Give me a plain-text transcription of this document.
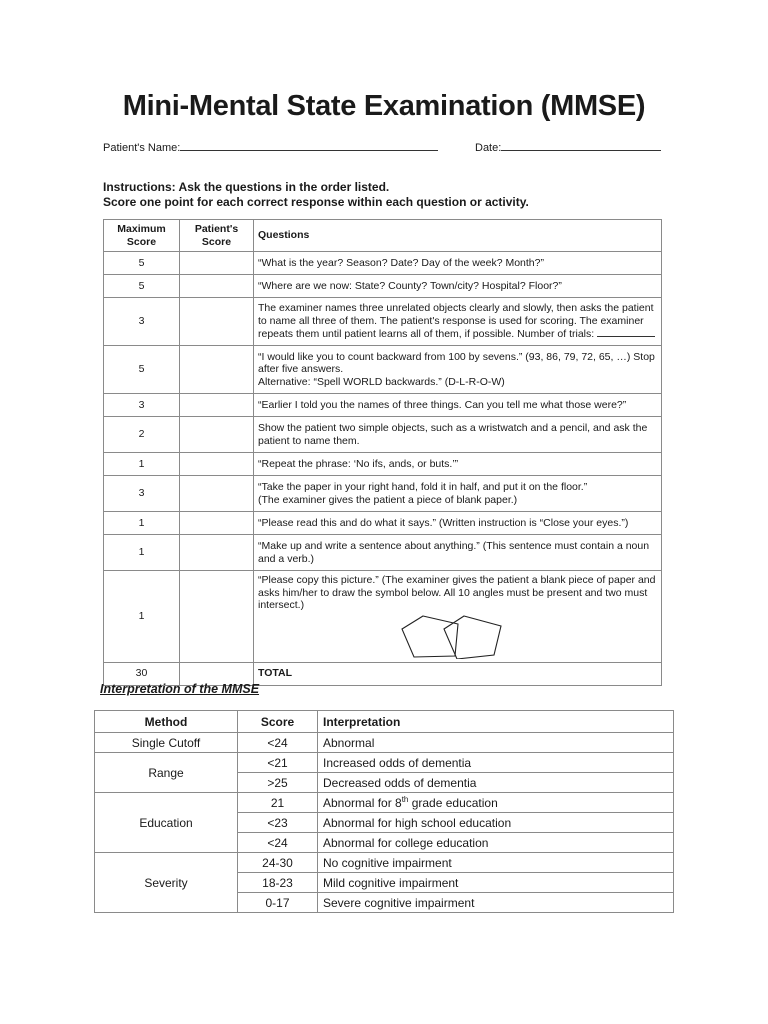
Mini-Mental State Examination (MMSE)
Patient's Name:	Date:
Instructions: Ask the questions in the order listed.
Score one point for each correct response within each question or activity.
Maximum Score	Patient's Score	Questions
5		“What is the year? Season? Date? Day of the week? Month?”
5		“Where are we now: State? County? Town/city? Hospital? Floor?”
3		The examiner names three unrelated objects clearly and slowly, then asks the patient to name all three of them. The patient's response is used for scoring. The examiner repeats them until patient learns all of them, if possible. Number of trials:
5		“I would like you to count backward from 100 by sevens.” (93, 86, 79, 72, 65, …) Stop after five answers.
Alternative: “Spell WORLD backwards.” (D-L-R-O-W)

3		“Earlier I told you the names of three things. Can you tell me what those were?”
2		Show the patient two simple objects, such as a wristwatch and a pencil, and ask the patient to name them.
1		“Repeat the phrase: ‘No ifs, ands, or buts.’”
3		“Take the paper in your right hand, fold it in half, and put it on the floor.”
(The examiner gives the patient a piece of blank paper.)

1		“Please read this and do what it says.” (Written instruction is “Close your eyes.”)
1		“Make up and write a sentence about anything.” (This sentence must contain a noun and a verb.)
1		“Please copy this picture.” (The examiner gives the patient a blank piece of paper and asks him/her to draw the symbol below. All 10 angles must be present and two must intersect.)

30		TOTAL
Interpretation of the MMSE
Method	Score	Interpretation
Single Cutoff	<24	Abnormal
Range	<21	Increased odds of dementia
	>25	Decreased odds of dementia
Education	21	Abnormal for 8th grade education
	<23	Abnormal for high school education
	<24	Abnormal for college education
Severity	24-30	No cognitive impairment
	18-23	Mild cognitive impairment
	0-17	Severe cognitive impairment
